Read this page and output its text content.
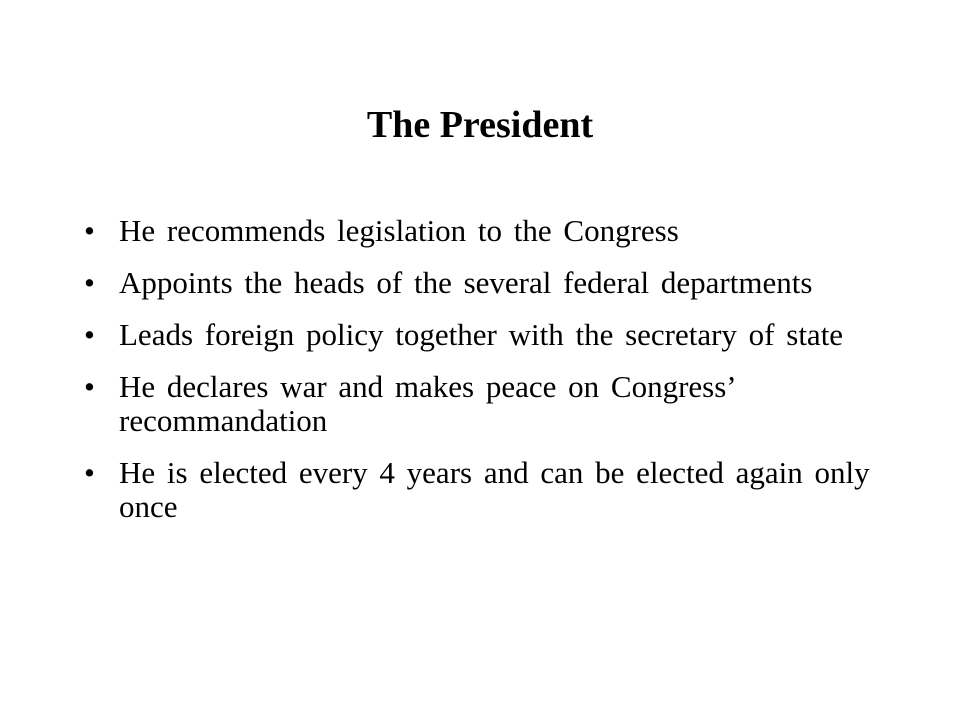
The President
• He recommends legislation to the Congress
• Appoints the heads of the several federal departments
• Leads foreign policy together with the secretary of state
• He declares war and makes peace on Congress’ recommandation
• He is elected every 4 years and can be elected again only once
